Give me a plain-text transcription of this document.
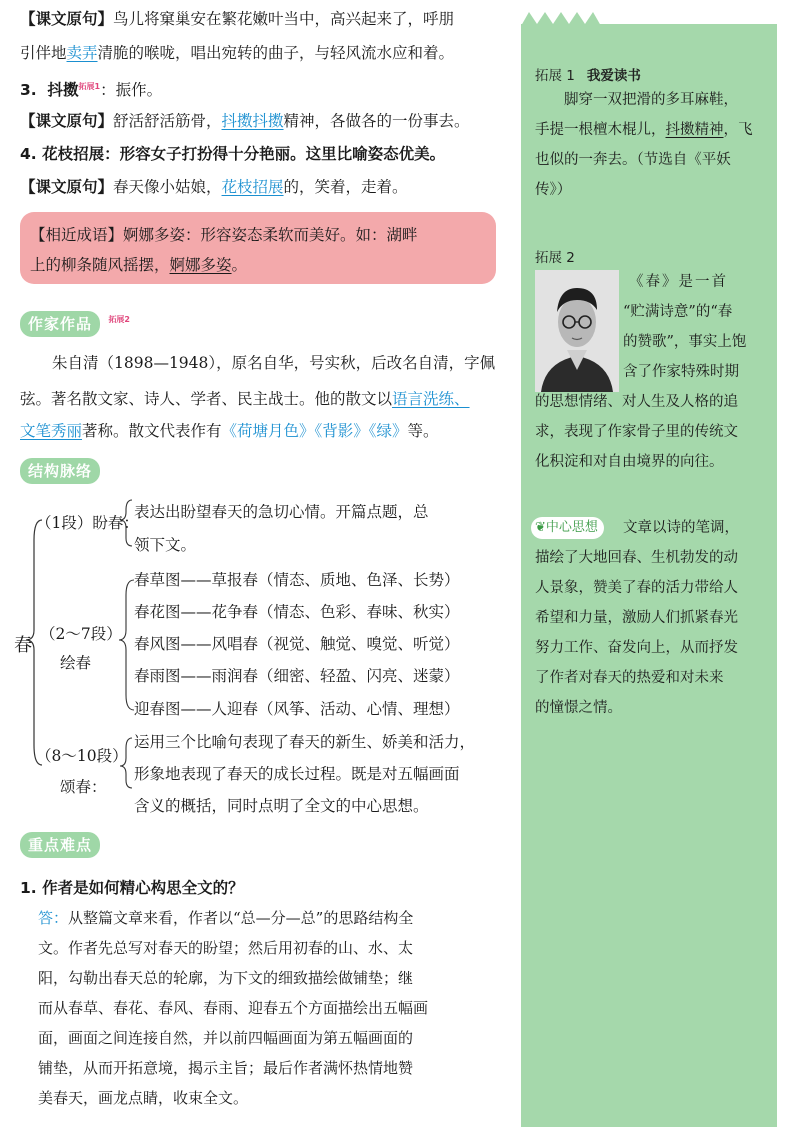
【课文原句】鸟儿将窠巢安在繁花嫩叶当中，高兴起来了，呼朋
引伴地卖弄清脆的喉咙，唱出宛转的曲子，与轻风流水应和着。
3. 抖擞$^{拓展1}$：振作。
【课文原句】舒活舒活筋骨，抖擞抖擞精神，各做各的一份事去。
4. 花枝招展：形容女子打扮得十分艳丽。这里比喻姿态优美。
【课文原句】春天像小姑娘，花枝招展的，笑着，走着。
【相近成语】婀娜多姿：形容姿态柔软而美好。如：湖畔
上的柳条随风摇摆，婀娜多姿。
作家作品 拓展2
朱自清（1898—1948），原名自华，号实秋，后改名自清，字佩
弦。著名散文家、诗人、学者、民主战士。他的散文以语言洗练、
文笔秀丽著称。散文代表作有《荷塘月色》《背影》《绿》等。
结构脉络
春
（1段）盼春：
表达出盼望春天的急切心情。开篇点题，总
领下文。
（2～7段）
绘春
春草图——草报春（情态、质地、色泽、长势）
春花图——花争春（情态、色彩、春味、秋实）
春风图——风唱春（视觉、触觉、嗅觉、听觉）
春雨图——雨润春（细密、轻盈、闪亮、迷蒙）
迎春图——人迎春（风筝、活动、心情、理想）
（8～10段）
颂春：
运用三个比喻句表现了春天的新生、娇美和活力，
形象地表现了春天的成长过程。既是对五幅画面
含义的概括，同时点明了全文的中心思想。
重点难点
1. 作者是如何精心构思全文的？
答：从整篇文章来看，作者以“总—分—总”的思路结构全
文。作者先总写对春天的盼望；然后用初春的山、水、太
阳，勾勒出春天总的轮廓，为下文的细致描绘做铺垫；继
而从春草、春花、春风、春雨、迎春五个方面描绘出五幅画
面，画面之间连接自然，并以前四幅画面为第五幅画面的
铺垫，从而开拓意境，揭示主旨；最后作者满怀热情地赞
美春天，画龙点睛，收束全文。
拓展 1 我爱读书
　　脚穿一双把滑的多耳麻鞋，
手提一根檀木棍儿，抖擞精神，飞
也似的一奔去。（节选自《平妖
传》）
拓展 2
《春》是一首
“贮满诗意”的“春
的赞歌”，事实上饱
含了作家特殊时期
的思想情绪、对人生及人格的追
求，表现了作家骨子里的传统文
化积淀和对自由境界的向往。
❦中心思想	文章以诗的笔调，
描绘了大地回春、生机勃发的动
人景象，赞美了春的活力带给人
希望和力量，激励人们抓紧春光
努力工作、奋发向上，从而抒发
了作者对春天的热爱和对未来
的憧憬之情。
